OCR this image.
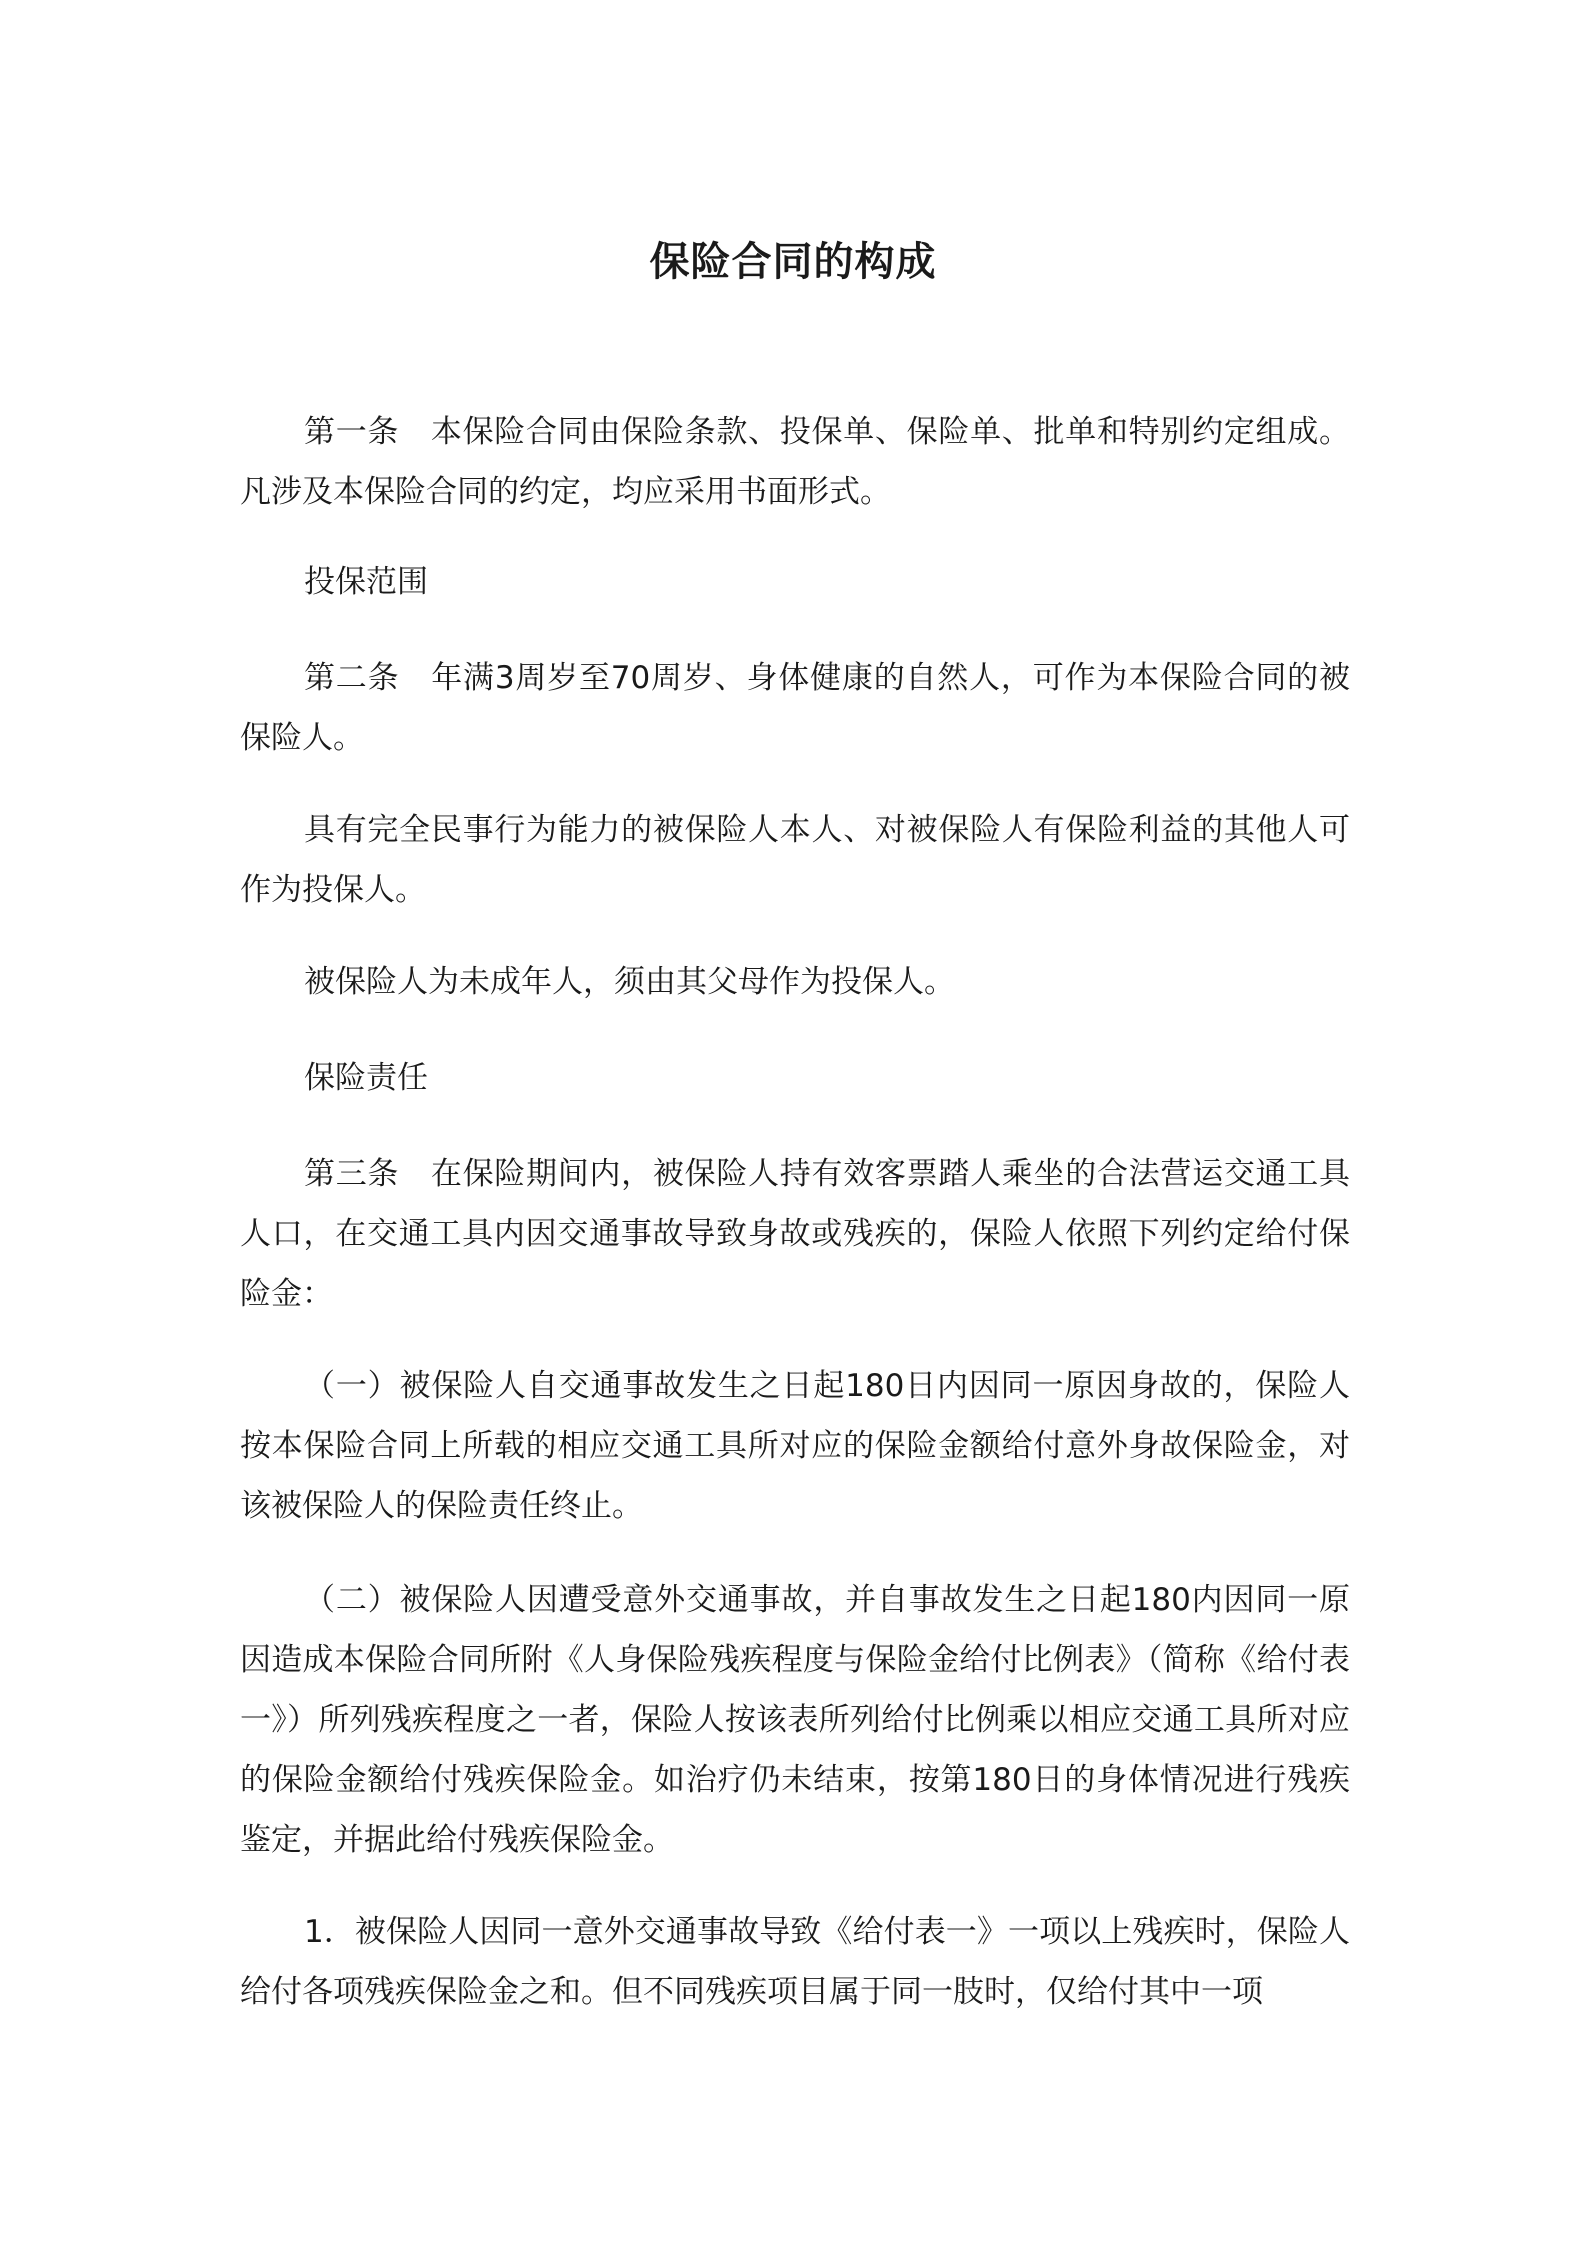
保险合同的构成

第一条　本保险合同由保险条款、投保单、保险单、批单和特别约定组成。凡涉及本保险合同的约定，均应采用书面形式。

投保范围

第二条　年满3周岁至70周岁、身体健康的自然人，可作为本保险合同的被保险人。

具有完全民事行为能力的被保险人本人、对被保险人有保险利益的其他人可作为投保人。

被保险人为未成年人，须由其父母作为投保人。

保险责任

第三条　在保险期间内，被保险人持有效客票踏人乘坐的合法营运交通工具人口，在交通工具内因交通事故导致身故或残疾的，保险人依照下列约定给付保险金：

（一）被保险人自交通事故发生之日起180日内因同一原因身故的，保险人按本保险合同上所载的相应交通工具所对应的保险金额给付意外身故保险金，对该被保险人的保险责任终止。

（二）被保险人因遭受意外交通事故，并自事故发生之日起180内因同一原因造成本保险合同所附《人身保险残疾程度与保险金给付比例表》（简称《给付表一》）所列残疾程度之一者，保险人按该表所列给付比例乘以相应交通工具所对应的保险金额给付残疾保险金。如治疗仍未结束，按第180日的身体情况进行残疾鉴定，并据此给付残疾保险金。

1．被保险人因同一意外交通事故导致《给付表一》一项以上残疾时，保险人给付各项残疾保险金之和。但不同残疾项目属于同一肢时，仅给付其中一项
